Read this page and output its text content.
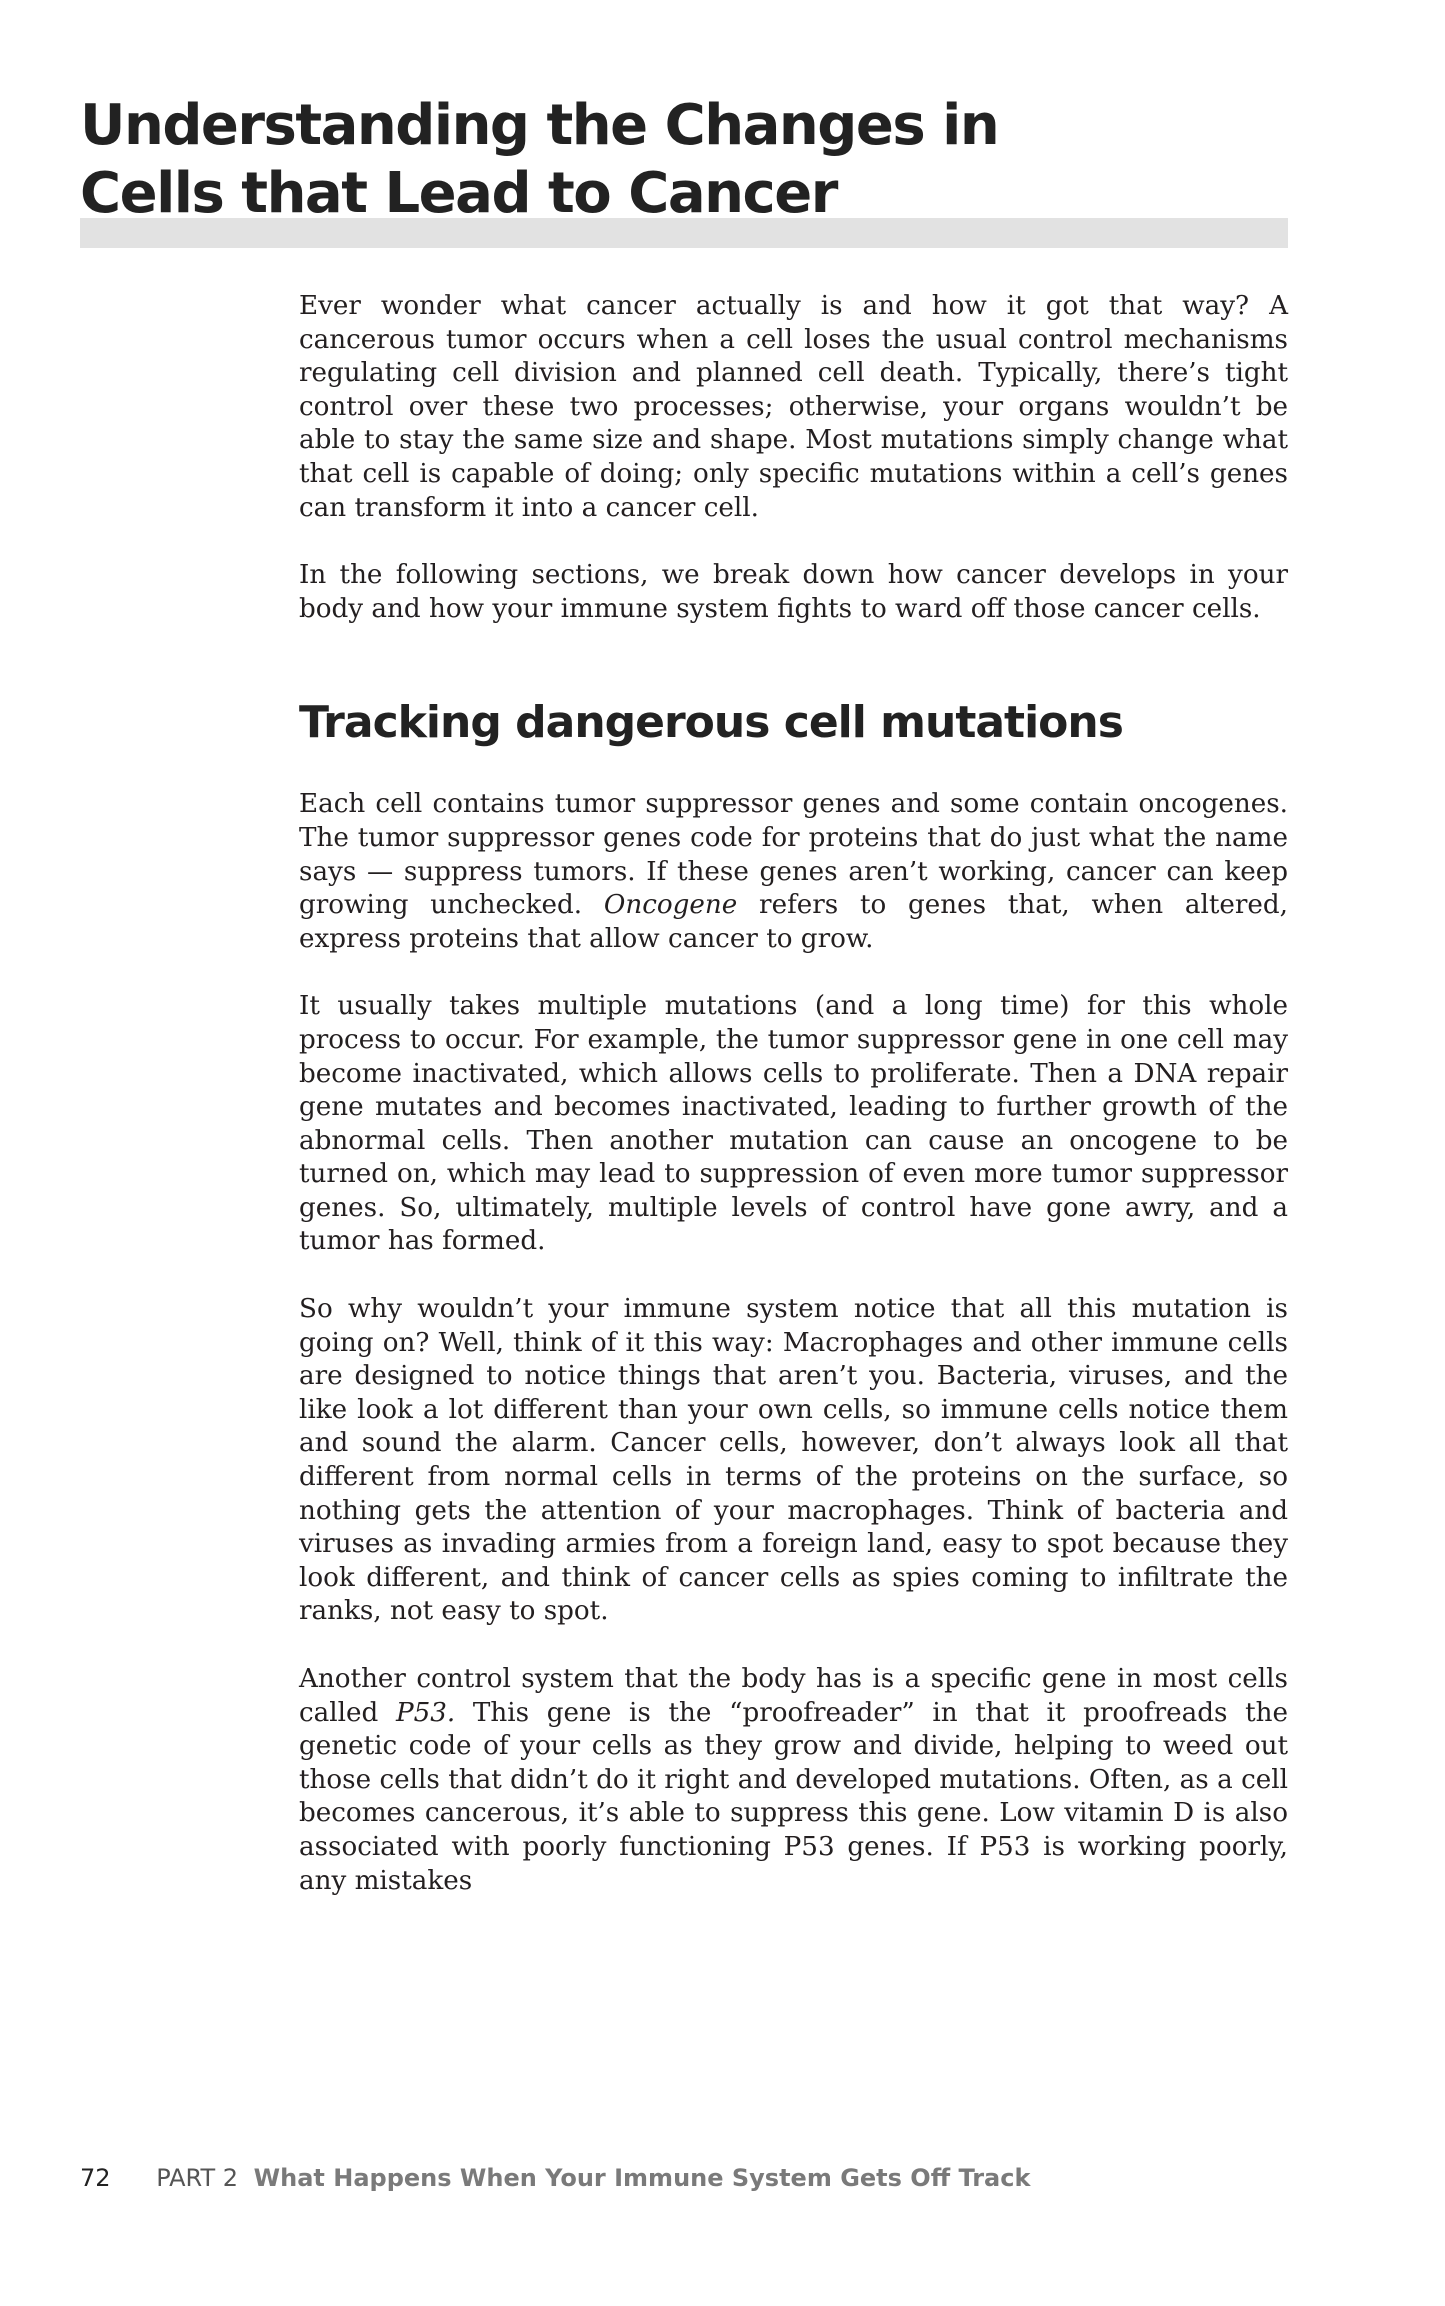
Understanding the Changes in
Cells that Lead to Cancer

Ever wonder what cancer actually is and how it got that way? A cancerous tumor occurs when a cell loses the usual control mechanisms regulating cell division and planned cell death. Typically, there’s tight control over these two processes; otherwise, your organs wouldn’t be able to stay the same size and shape. Most mutations simply change what that cell is capable of doing; only specific mutations within a cell’s genes can transform it into a cancer cell.

In the following sections, we break down how cancer develops in your body and how your immune system fights to ward off those cancer cells.

Tracking dangerous cell mutations

Each cell contains tumor suppressor genes and some contain oncogenes. The tumor suppressor genes code for proteins that do just what the name says — suppress tumors. If these genes aren’t working, cancer can keep growing unchecked. Oncogene refers to genes that, when altered, express proteins that allow cancer to grow.

It usually takes multiple mutations (and a long time) for this whole process to occur. For example, the tumor suppressor gene in one cell may become inactivated, which allows cells to proliferate. Then a DNA repair gene mutates and becomes inactivated, leading to further growth of the abnormal cells. Then another mutation can cause an oncogene to be turned on, which may lead to suppression of even more tumor suppressor genes. So, ultimately, multiple levels of control have gone awry, and a tumor has formed.

So why wouldn’t your immune system notice that all this mutation is going on? Well, think of it this way: Macrophages and other immune cells are designed to notice things that aren’t you. Bacteria, viruses, and the like look a lot different than your own cells, so immune cells notice them and sound the alarm. Cancer cells, however, don’t always look all that different from normal cells in terms of the proteins on the surface, so nothing gets the attention of your macrophages. Think of bacteria and viruses as invading armies from a foreign land, easy to spot because they look different, and think of cancer cells as spies coming to infiltrate the ranks, not easy to spot.

Another control system that the body has is a specific gene in most cells called P53. This gene is the “proofreader” in that it proofreads the genetic code of your cells as they grow and divide, helping to weed out those cells that didn’t do it right and developed mutations. Often, as a cell becomes cancerous, it’s able to suppress this gene. Low vitamin D is also associated with poorly functioning P53 genes. If P53 is working poorly, any mistakes

72 PART 2 What Happens When Your Immune System Gets Off Track
